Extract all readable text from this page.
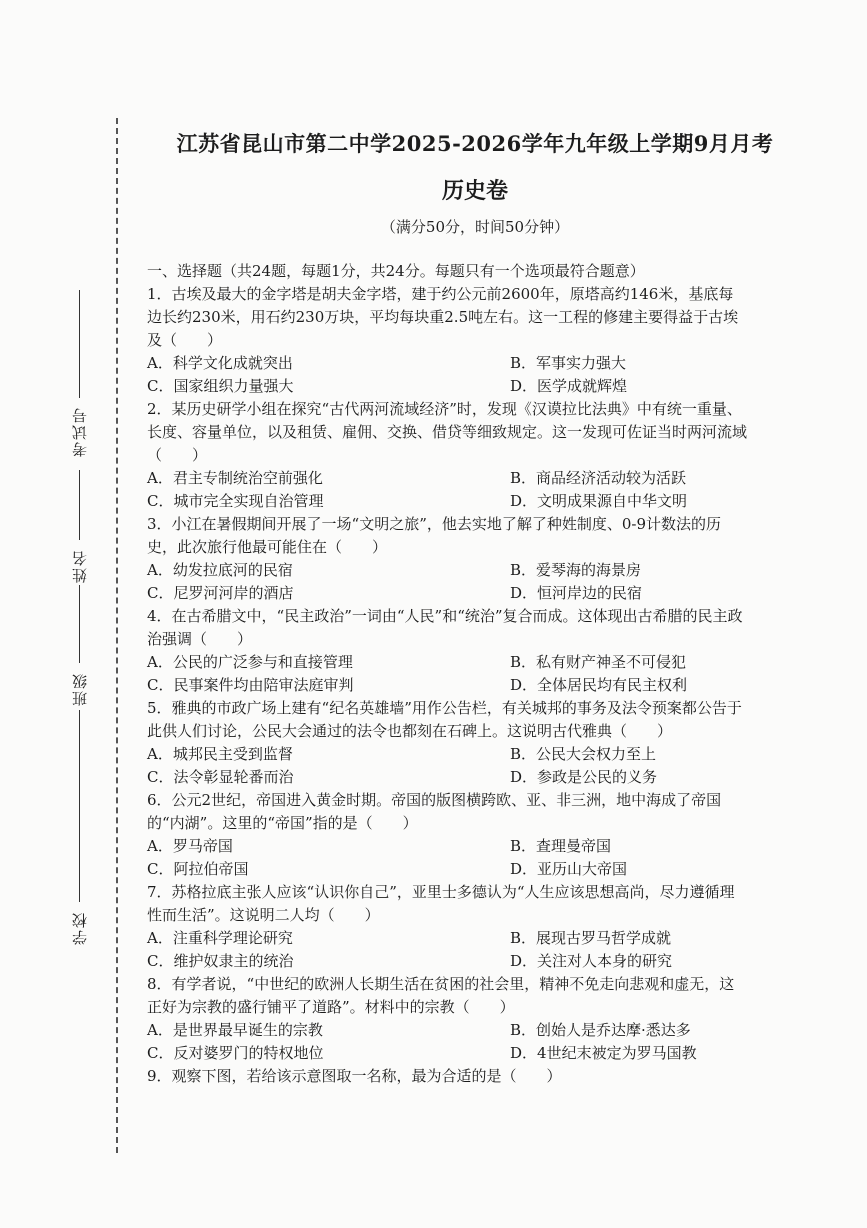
考试号
姓名
班级
学校
江苏省昆山市第二中学2025-2026学年九年级上学期9月月考
历史卷
（满分50分，时间50分钟）

一、选择题（共24题，每题1分，共24分。每题只有一个选项最符合题意）

1．古埃及最大的金字塔是胡夫金字塔，建于约公元前2600年，原塔高约146米，基底每边长约230米，用石约230万块，平均每块重2.5吨左右。这一工程的修建主要得益于古埃及（　　）

A．科学文化成就突出	B．军事实力强大
C．国家组织力量强大	D．医学成就辉煌

2．某历史研学小组在探究“古代两河流域经济”时，发现《汉谟拉比法典》中有统一重量、长度、容量单位，以及租赁、雇佣、交换、借贷等细致规定。这一发现可佐证当时两河流域（　　）

A．君主专制统治空前强化	B．商品经济活动较为活跃
C．城市完全实现自治管理	D．文明成果源自中华文明

3．小江在暑假期间开展了一场“文明之旅”，他去实地了解了种姓制度、0-9计数法的历史，此次旅行他最可能住在（　　）

A．幼发拉底河的民宿	B．爱琴海的海景房
C．尼罗河河岸的酒店	D．恒河岸边的民宿

4．在古希腊文中，“民主政治”一词由“人民”和“统治”复合而成。这体现出古希腊的民主政治强调（　　）

A．公民的广泛参与和直接管理	B．私有财产神圣不可侵犯
C．民事案件均由陪审法庭审判	D．全体居民均有民主权利

5．雅典的市政广场上建有“纪名英雄墙”用作公告栏，有关城邦的事务及法令预案都公告于此供人们讨论，公民大会通过的法令也都刻在石碑上。这说明古代雅典（　　）

A．城邦民主受到监督	B．公民大会权力至上
C．法令彰显轮番而治	D．参政是公民的义务

6．公元2世纪，帝国进入黄金时期。帝国的版图横跨欧、亚、非三洲，地中海成了帝国的“内湖”。这里的“帝国”指的是（　　）

A．罗马帝国	B．查理曼帝国
C．阿拉伯帝国	D．亚历山大帝国

7．苏格拉底主张人应该“认识你自己”，亚里士多德认为“人生应该思想高尚，尽力遵循理性而生活”。这说明二人均（　　）

A．注重科学理论研究	B．展现古罗马哲学成就
C．维护奴隶主的统治	D．关注对人本身的研究

8．有学者说，“中世纪的欧洲人长期生活在贫困的社会里，精神不免走向悲观和虚无，这正好为宗教的盛行铺平了道路”。材料中的宗教（　　）

A．是世界最早诞生的宗教	B．创始人是乔达摩·悉达多
C．反对婆罗门的特权地位	D．4世纪末被定为罗马国教

9．观察下图，若给该示意图取一名称，最为合适的是（　　）
